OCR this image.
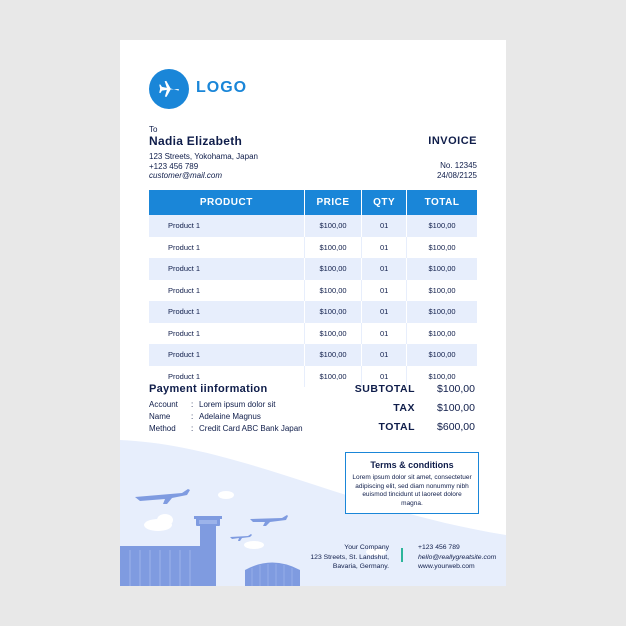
LOGO
To
Nadia Elizabeth
123 Streets, Yokohama, Japan
+123 456 789
customer@mail.com
INVOICE
No. 12345
24/08/2125
PRODUCT	PRICE	QTY	TOTAL
Product 1	$100,00	01	$100,00
Product 1	$100,00	01	$100,00
Product 1	$100,00	01	$100,00
Product 1	$100,00	01	$100,00
Product 1	$100,00	01	$100,00
Product 1	$100,00	01	$100,00
Product 1	$100,00	01	$100,00
Product 1	$100,00	01	$100,00
Payment iinformation
Account	: Lorem ipsum dolor sit
Name	: Adelaine Magnus
Method	: Credit Card ABC Bank Japan
SUBTOTAL	$100,00
TAX	$100,00
TOTAL	$600,00
Terms & conditions
Lorem ipsum dolor sit amet, consectetuer adipiscing elit, sed diam nonummy nibh euismod tincidunt ut laoreet dolore magna.
Your Company
123 Streets, St. Landshut,
Bavaria, Germany.
+123 456 789
hello@reallygreatsite.com
www.yourweb.com
